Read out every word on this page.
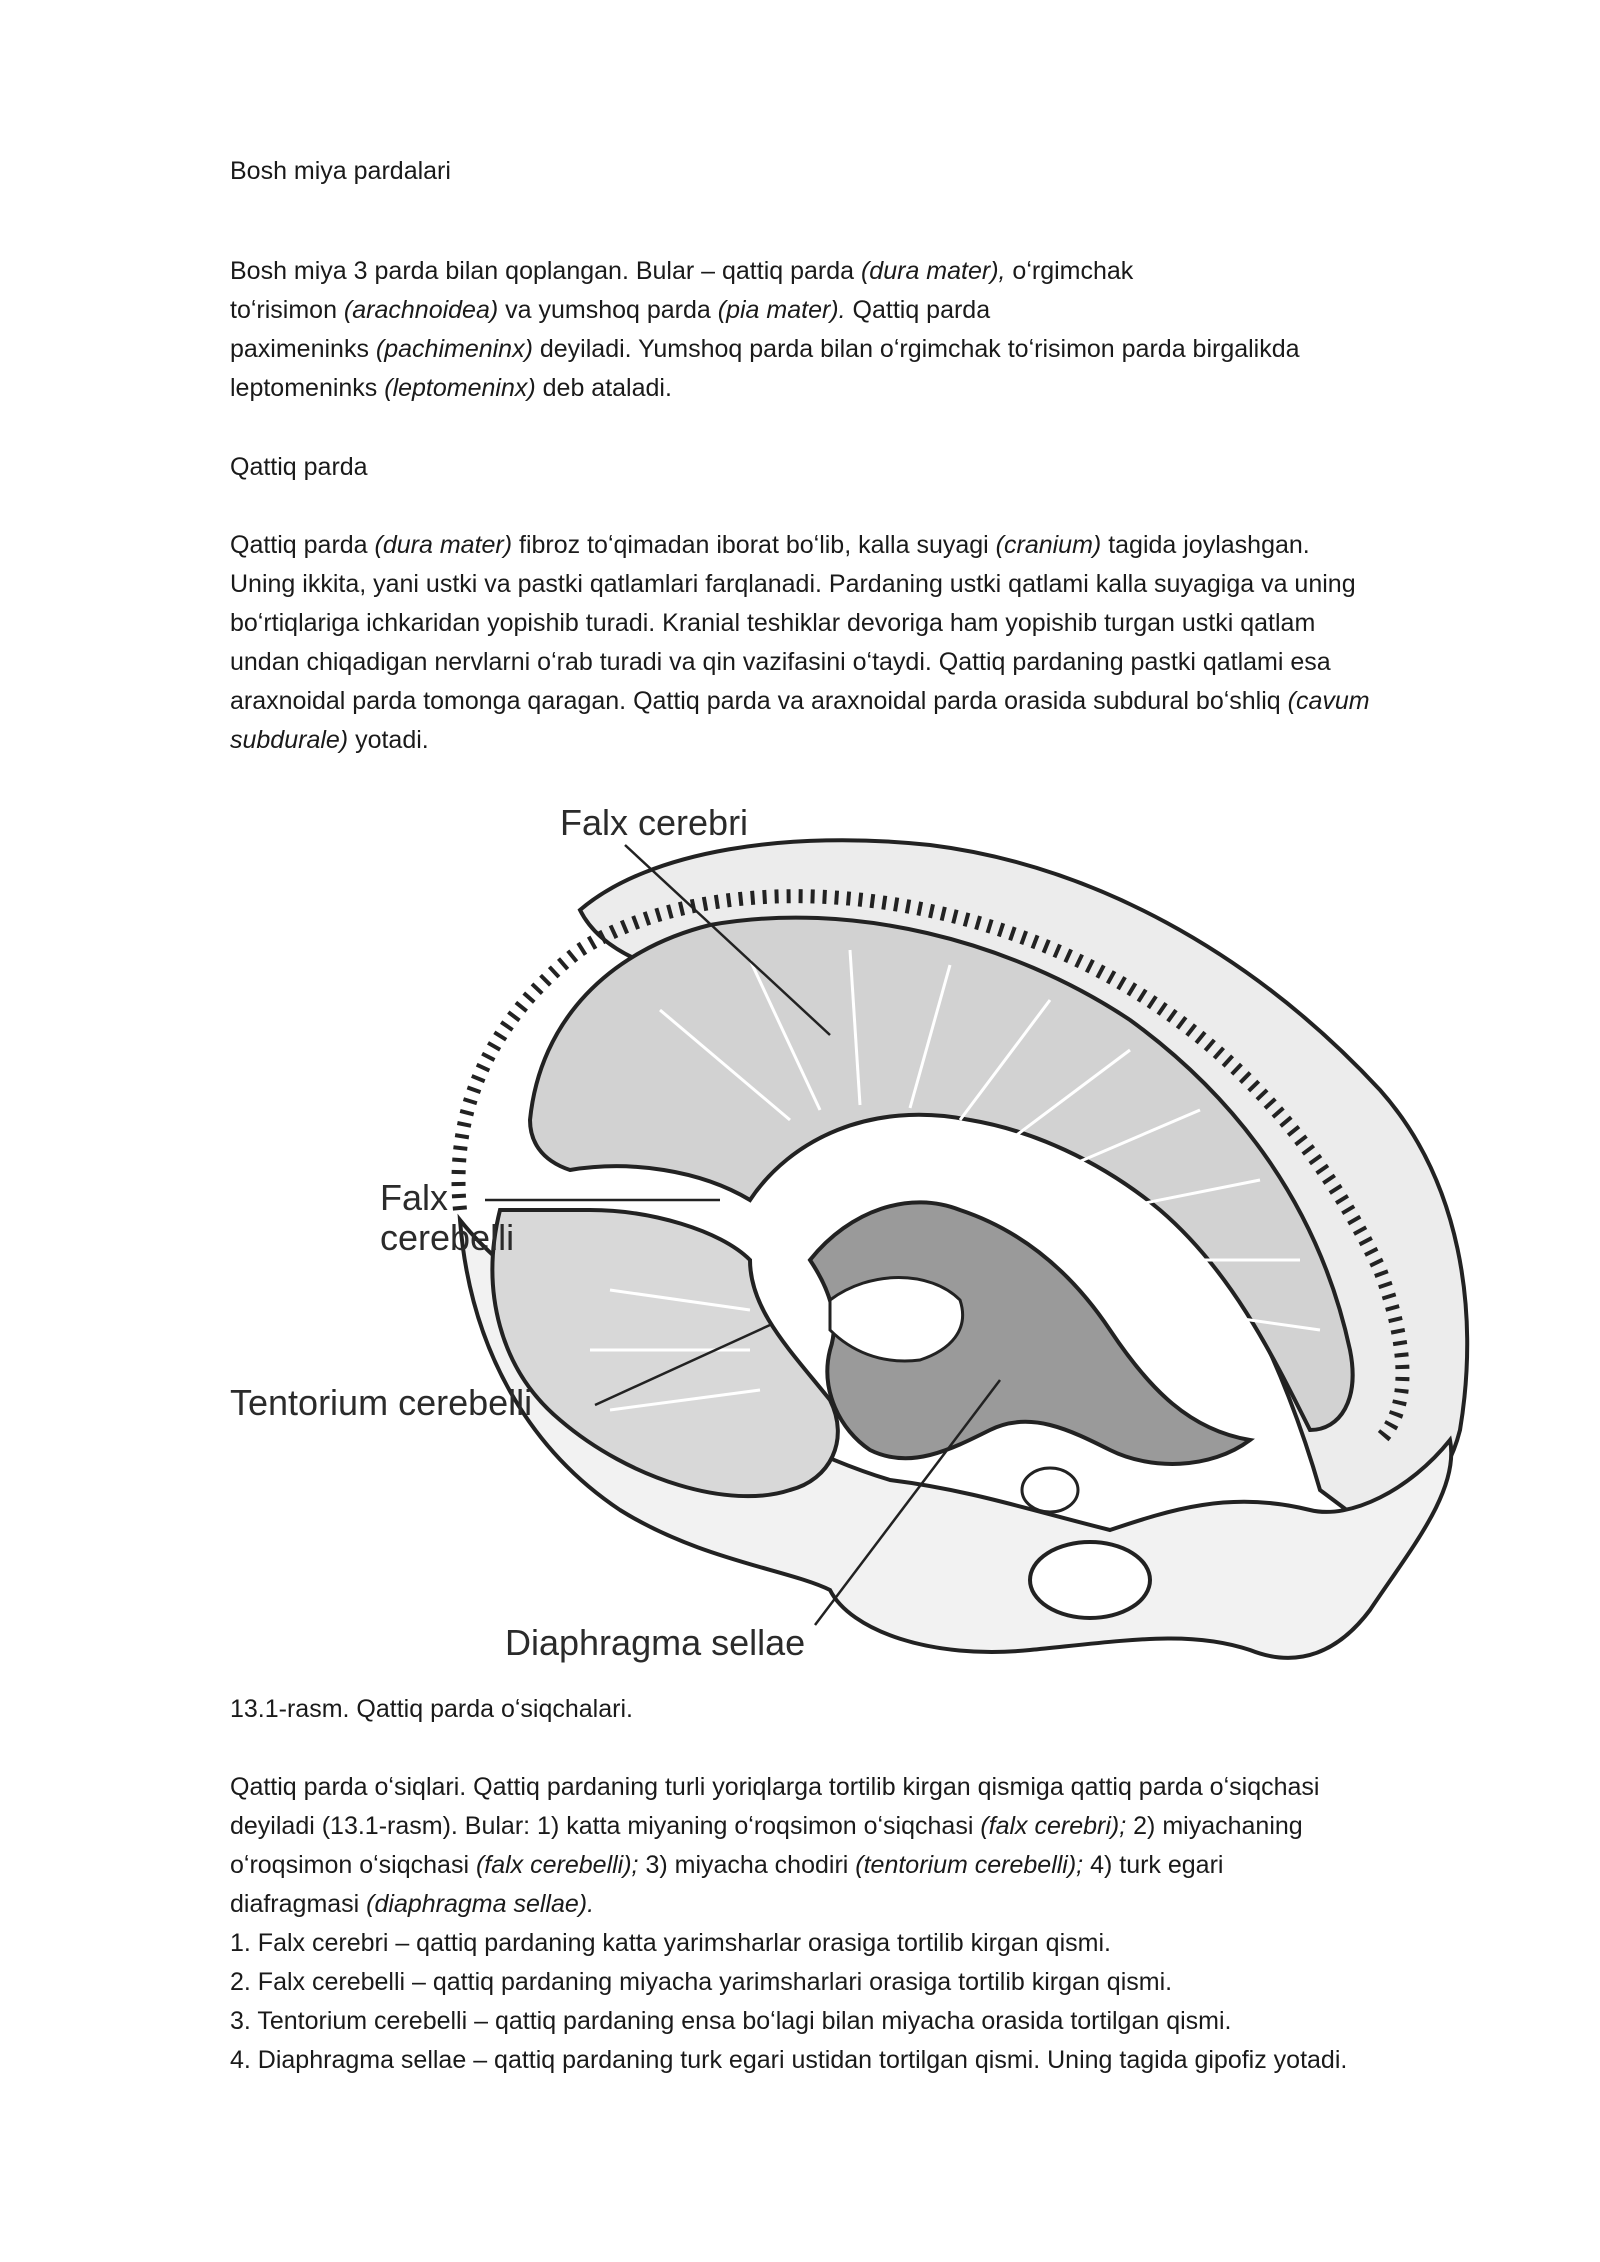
Bosh miya pardalari

Bosh miya 3 parda bilan qoplangan. Bular – qattiq parda (dura mater), oʻrgimchak

toʻrisimon (arachnoidea) va yumshoq parda (pia mater). Qattiq parda

paximeninks (pachimeninx) deyiladi. Yumshoq parda bilan oʻrgimchak toʻrisimon parda birgalikda

leptomeninks (leptomeninx) deb ataladi.

Qattiq parda

Qattiq parda (dura mater) fibroz toʻqimadan iborat boʻlib, kalla suyagi (cranium) tagida joylashgan.

Uning ikkita, yani ustki va pastki qatlamlari farqlanadi. Pardaning ustki qatlami kalla suyagiga va uning

boʻrtiqlariga ichkaridan yopishib turadi. Kranial teshiklar devoriga ham yopishib turgan ustki qatlam

undan chiqadigan nervlarni oʻrab turadi va qin vazifasini oʻtaydi. Qattiq pardaning pastki qatlami esa

araxnoidal parda tomonga qaragan. Qattiq parda va araxnoidal parda orasida subdural boʻshliq (cavum

subdurale) yotadi.

Falx cerebri
Falx
cerebelli
Tentorium cerebelli
Diaphragma sellae

13.1-rasm. Qattiq parda oʻsiqchalari.

Qattiq parda oʻsiqlari. Qattiq pardaning turli yoriqlarga tortilib kirgan qismiga qattiq parda oʻsiqchasi

deyiladi (13.1-rasm). Bular: 1) katta miyaning oʻroqsimon oʻsiqchasi (falx cerebri); 2) miyachaning

oʻroqsimon oʻsiqchasi (falx cerebelli); 3) miyacha chodiri (tentorium cerebelli); 4) turk egari

diafragmasi (diaphragma sellae).

1. Falx cerebri – qattiq pardaning katta yarimsharlar orasiga tortilib kirgan qismi.

2. Falx cerebelli – qattiq pardaning miyacha yarimsharlari orasiga tortilib kirgan qismi.

3. Tentorium cerebelli – qattiq pardaning ensa boʻlagi bilan miyacha orasida tortilgan qismi.

4. Diaphragma sellae – qattiq pardaning turk egari ustidan tortilgan qismi. Uning tagida gipofiz yotadi.
